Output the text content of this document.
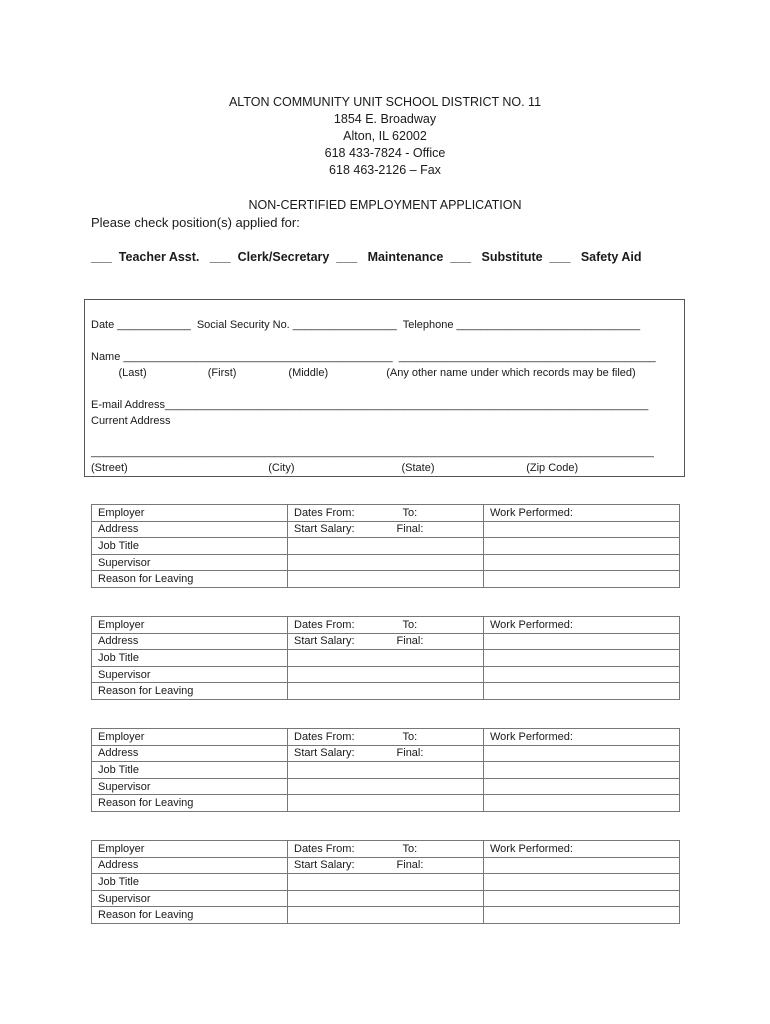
ALTON COMMUNITY UNIT SCHOOL DISTRICT NO. 11
1854 E. Broadway
Alton, IL 62002
618 433-7824 - Office
618 463-2126 – Fax
NON-CERTIFIED EMPLOYMENT APPLICATION
Please check position(s) applied for:
___  Teacher Asst.   ___  Clerk/Secretary  ___   Maintenance  ___   Substitute  ___   Safety Aid
Date ____________  Social Security No. _________________  Telephone ______________________________
Name ____________________________________________  __________________________________________
(Last)                    (First)                 (Middle)                   (Any other name under which records may be filed)
E-mail Address_______________________________________________________________________________
Current Address
____________________________________________________________________________________________
(Street)                                              (City)                                   (State)                              (Zip Code)
Employer	Dates From: To:	Work Performed:
Address	Start Salary: Final:	
Job Title		
Supervisor		
Reason for Leaving		
Employer	Dates From: To:	Work Performed:
Address	Start Salary: Final:	
Job Title		
Supervisor		
Reason for Leaving		
Employer	Dates From: To:	Work Performed:
Address	Start Salary: Final:	
Job Title		
Supervisor		
Reason for Leaving		
Employer	Dates From: To:	Work Performed:
Address	Start Salary: Final:	
Job Title		
Supervisor		
Reason for Leaving		
